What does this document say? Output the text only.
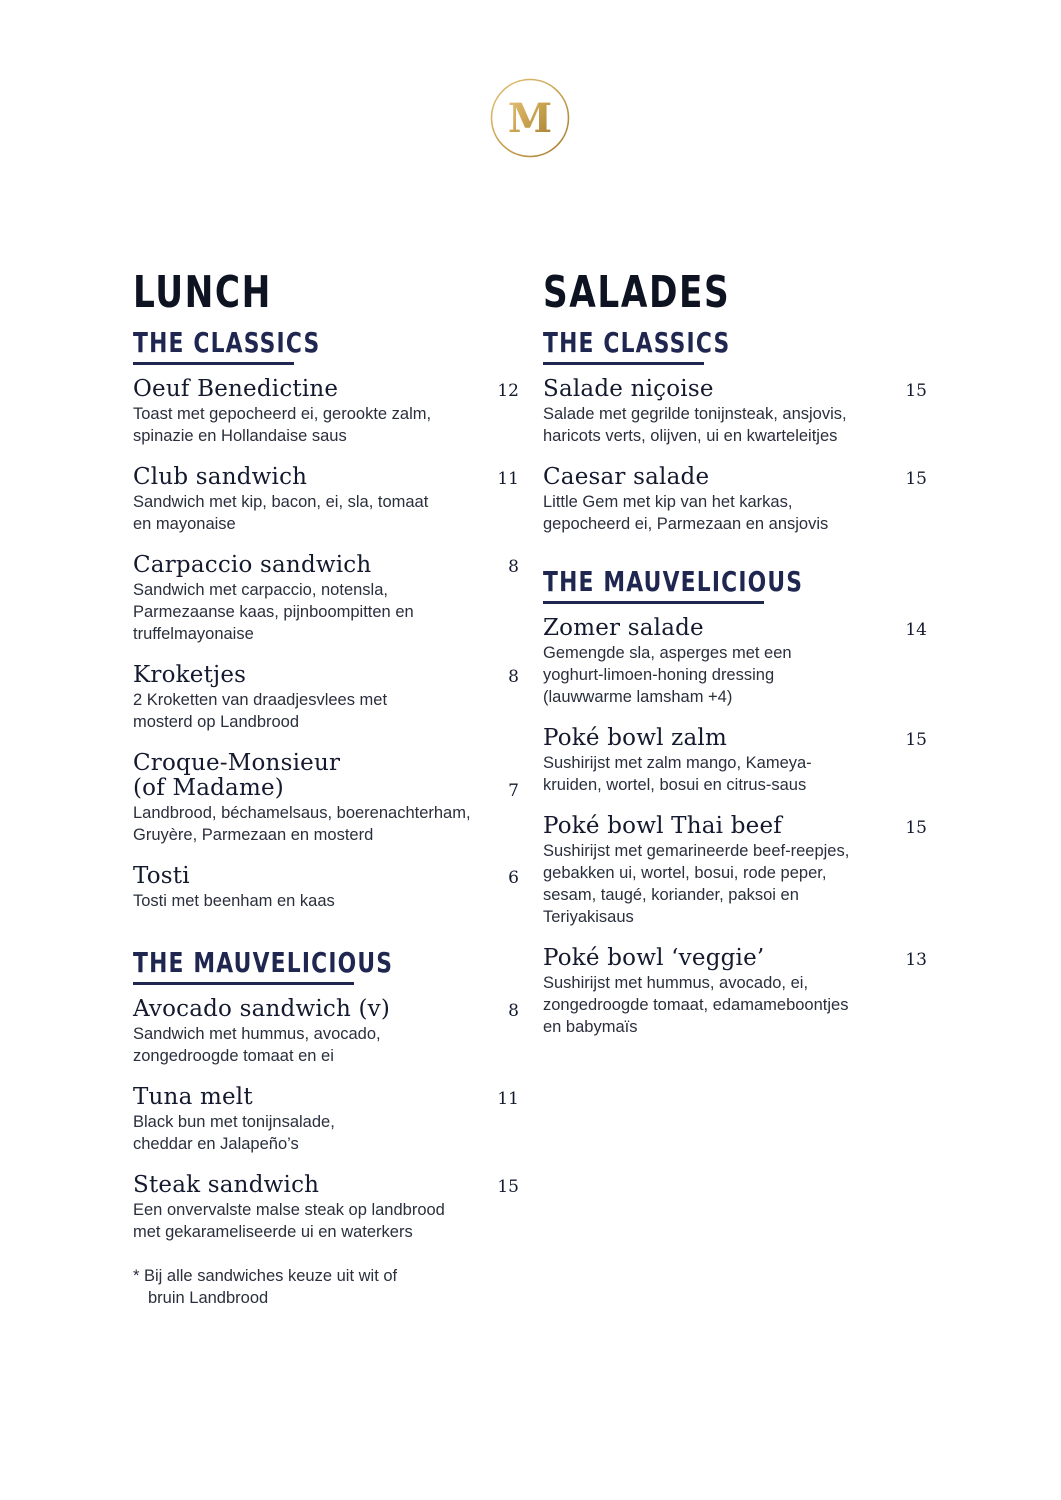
M
LUNCH
THE CLASSICS
Oeuf Benedictine	12
Toast met gepocheerd ei, gerookte zalm,
spinazie en Hollandaise saus
Club sandwich	11
Sandwich met kip, bacon, ei, sla, tomaat
en mayonaise
Carpaccio sandwich	8
Sandwich met carpaccio, notensla,
Parmezaanse kaas, pijnboompitten en
truffelmayonaise
Kroketjes	8
2 Kroketten van draadjesvlees met
mosterd op Landbrood
Croque-Monsieur
(of Madame)	7
Landbrood, béchamelsaus, boerenachterham,
Gruyère, Parmezaan en mosterd
Tosti	6
Tosti met beenham en kaas
THE MAUVELICIOUS
Avocado sandwich (v)	8
Sandwich met hummus, avocado,
zongedroogde tomaat en ei
Tuna melt	11
Black bun met tonijnsalade,
cheddar en Jalapeño’s
Steak sandwich	15
Een onvervalste malse steak op landbrood
met gekarameliseerde ui en waterkers
* Bij alle sandwiches keuze uit wit of
bruin Landbrood
SALADES
THE CLASSICS
Salade niçoise	15
Salade met gegrilde tonijnsteak, ansjovis,
haricots verts, olijven, ui en kwarteleitjes
Caesar salade	15
Little Gem met kip van het karkas,
gepocheerd ei, Parmezaan en ansjovis
THE MAUVELICIOUS
Zomer salade	14
Gemengde sla, asperges met een
yoghurt-limoen-honing dressing
(lauwwarme lamsham +4)
Poké bowl zalm	15
Sushirijst met zalm mango, Kameya-
kruiden, wortel, bosui en citrus-saus
Poké bowl Thai beef	15
Sushirijst met gemarineerde beef-reepjes,
gebakken ui, wortel, bosui, rode peper,
sesam, taugé, koriander, paksoi en
Teriyakisaus
Poké bowl ‘veggie’	13
Sushirijst met hummus, avocado, ei,
zongedroogde tomaat, edamameboontjes
en babymaïs
